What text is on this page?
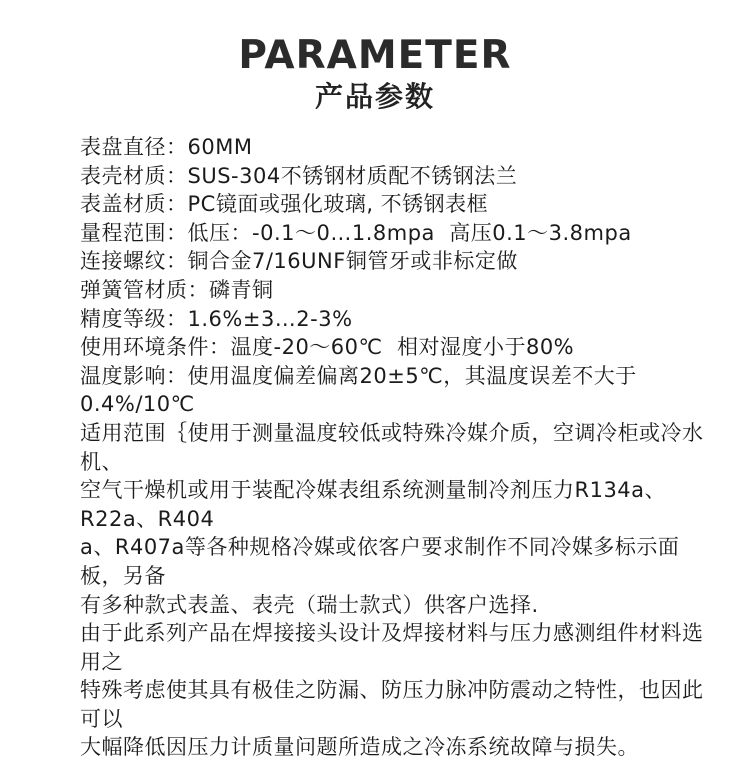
PARAMETER
产品参数
表盘直径：60MM
表壳材质：SUS-304不锈钢材质配不锈钢法兰
表盖材质：PC镜面或强化玻璃, 不锈钢表框
量程范围：低压：-0.1～0…1.8mpa  高压0.1～3.8mpa
连接螺纹：铜合金7/16UNF铜管牙或非标定做
弹簧管材质：磷青铜
精度等级：1.6%±3…2-3%
使用环境条件：温度-20～60℃  相对湿度小于80%
温度影响：使用温度偏差偏离20±5℃，其温度误差不大于0.4%/10℃
适用范围｛使用于测量温度较低或特殊冷媒介质，空调冷柜或冷水机、
空气干燥机或用于装配冷媒表组系统测量制冷剂压力R134a、R22a、R404
a、R407a等各种规格冷媒或依客户要求制作不同冷媒多标示面板，另备
有多种款式表盖、表壳（瑞士款式）供客户选择.
由于此系列产品在焊接接头设计及焊接材料与压力感测组件材料选用之
特殊考虑使其具有极佳之防漏、防压力脉冲防震动之特性，也因此可以
大幅降低因压力计质量问题所造成之冷冻系统故障与损失。
